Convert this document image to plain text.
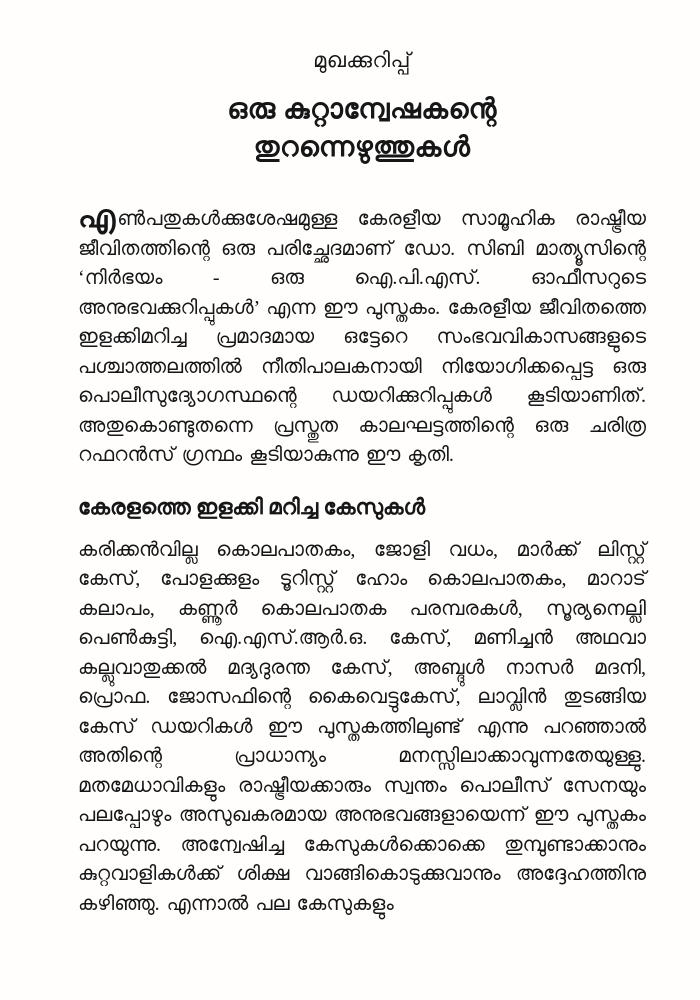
മുഖക്കുറിപ്പ്

ഒരു കുറ്റാന്വേഷകന്റെ
തുറന്നെഴുത്തുകൾ

എൺപതുകൾക്കുശേഷമുള്ള കേരളീയ സാമൂഹിക രാഷ്ട്രീയ ജീവിതത്തിന്റെ ഒരു പരിച്ഛേദമാണ് ഡോ. സിബി മാത്യൂസിന്റെ ‘നിർഭയം - ഒരു ഐ.പി.എസ്. ഓഫീസറുടെ അനുഭവക്കുറിപ്പുകൾ’ എന്ന ഈ പുസ്തകം. കേരളീയ ജീവിതത്തെ ഇളക്കിമറിച്ച പ്രമാദമായ ഒട്ടേറെ സംഭവവികാസങ്ങളുടെ പശ്ചാത്തലത്തിൽ നീതിപാലകനായി നിയോഗിക്കപ്പെട്ട ഒരു പൊലീസുദ്യോഗസ്ഥന്റെ ഡയറിക്കുറിപ്പുകൾ കൂടിയാണിത്. അതുകൊണ്ടുതന്നെ പ്രസ്തുത കാലഘട്ടത്തിന്റെ ഒരു ചരിത്ര റഫറൻസ് ഗ്രന്ഥം കൂടിയാകുന്നു ഈ കൃതി.

കേരളത്തെ ഇളക്കി മറിച്ച കേസുകൾ

കരിക്കൻവില്ല കൊലപാതകം, ജോളി വധം, മാർക്ക് ലിസ്റ്റ് കേസ്, പോളക്കുളം ടൂറിസ്റ്റ് ഹോം കൊലപാതകം, മാറാട് കലാപം, കണ്ണൂർ കൊലപാതക പരമ്പരകൾ, സൂര്യനെല്ലി പെൺകുട്ടി, ഐ.എസ്.ആർ.ഒ. കേസ്, മണിച്ചൻ അഥവാ കല്ലുവാതുക്കൽ മദ്യദുരന്ത കേസ്, അബ്ദുൾ നാസർ മദനി, പ്രൊഫ. ജോസഫിന്റെ കൈവെട്ടുകേസ്, ലാവ്ലിൻ തുടങ്ങിയ കേസ് ഡയറികൾ ഈ പുസ്തകത്തിലുണ്ട് എന്നു പറഞ്ഞാൽ അതിന്റെ പ്രാധാന്യം മനസ്സിലാക്കാവുന്നതേയുള്ളു. മതമേധാവികളും രാഷ്ട്രീയക്കാരും സ്വന്തം പൊലീസ് സേനയും പലപ്പോഴും അസുഖകരമായ അനുഭവങ്ങളായെന്ന് ഈ പുസ്തകം പറയുന്നു. അന്വേഷിച്ച കേസുകൾക്കൊക്കെ തുമ്പുണ്ടാക്കാനും കുറ്റവാളികൾക്ക് ശിക്ഷ വാങ്ങികൊടുക്കുവാനും അദ്ദേഹത്തിനു കഴിഞ്ഞു. എന്നാൽ പല കേസുകളും
